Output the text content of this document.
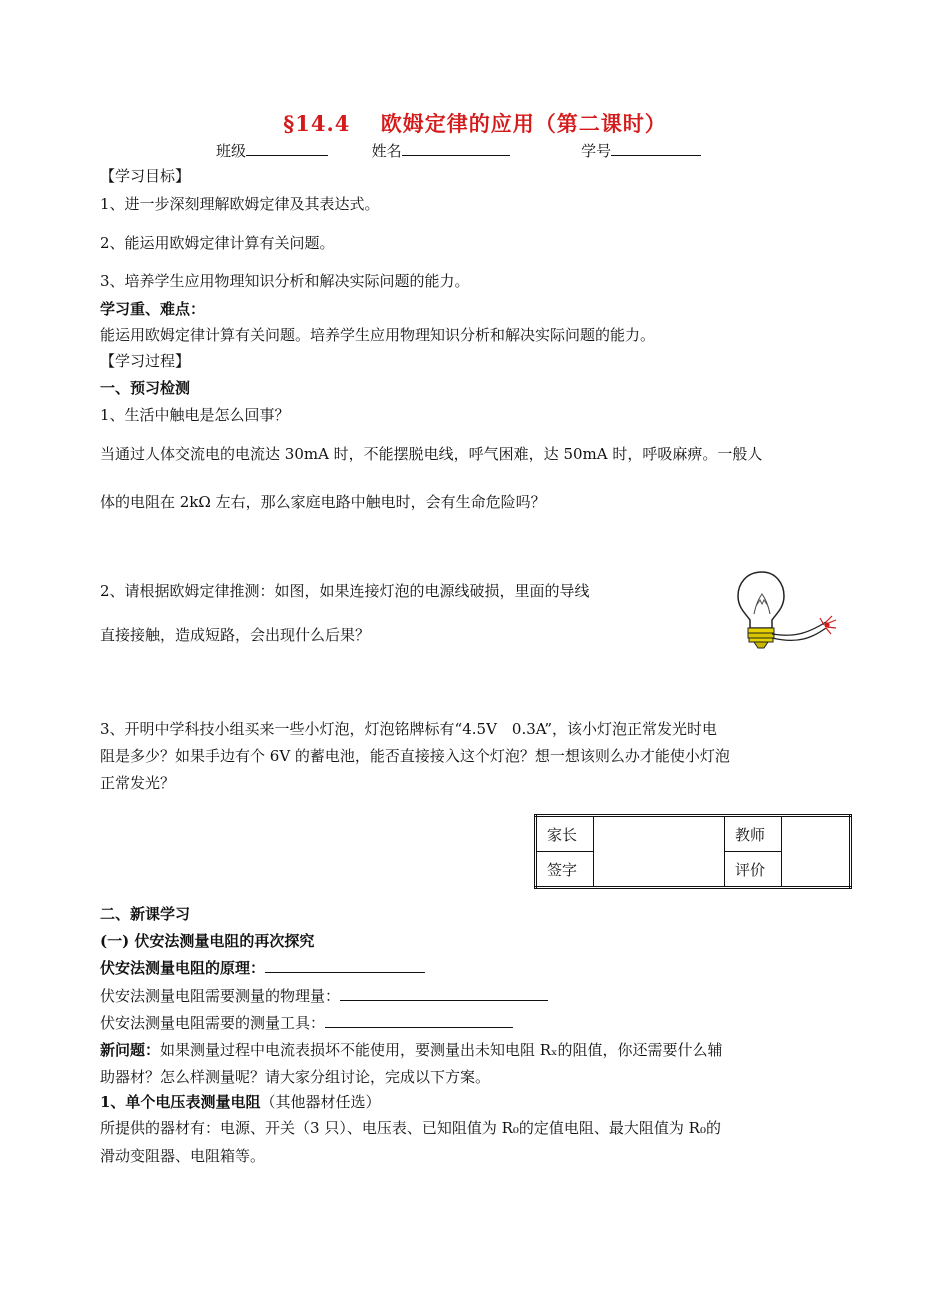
§14.4　 欧姆定律的应用（第二课时）
班级	姓名	学号
【学习目标】
1、进一步深刻理解欧姆定律及其表达式。
2、能运用欧姆定律计算有关问题。
3、培养学生应用物理知识分析和解决实际问题的能力。
学习重、难点：
能运用欧姆定律计算有关问题。培养学生应用物理知识分析和解决实际问题的能力。
【学习过程】
一、预习检测
1、生活中触电是怎么回事？
当通过人体交流电的电流达 30mA 时，不能摆脱电线，呼气困难，达 50mA 时，呼吸麻痹。一般人
体的电阻在 2kΩ 左右，那么家庭电路中触电时，会有生命危险吗？
2、请根据欧姆定律推测：如图，如果连接灯泡的电源线破损，里面的导线
直接接触，造成短路，会出现什么后果？
3、开明中学科技小组买来一些小灯泡，灯泡铭牌标有“4.5V　0.3A”，该小灯泡正常发光时电
阻是多少？如果手边有个 6V 的蓄电池，能否直接接入这个灯泡？想一想该则么办才能使小灯泡
正常发光？
家长		教师	
签字		评价	
二、新课学习
(一) 伏安法测量电阻的再次探究
伏安法测量电阻的原理：
伏安法测量电阻需要测量的物理量：
伏安法测量电阻需要的测量工具：
新问题：如果测量过程中电流表损坏不能使用，要测量出未知电阻 Rₓ的阻值，你还需要什么辅
助器材？怎么样测量呢？请大家分组讨论，完成以下方案。
1、单个电压表测量电阻（其他器材任选）
所提供的器材有：电源、开关（3 只）、电压表、已知阻值为 R₀的定值电阻、最大阻值为 R₀的
滑动变阻器、电阻箱等。
